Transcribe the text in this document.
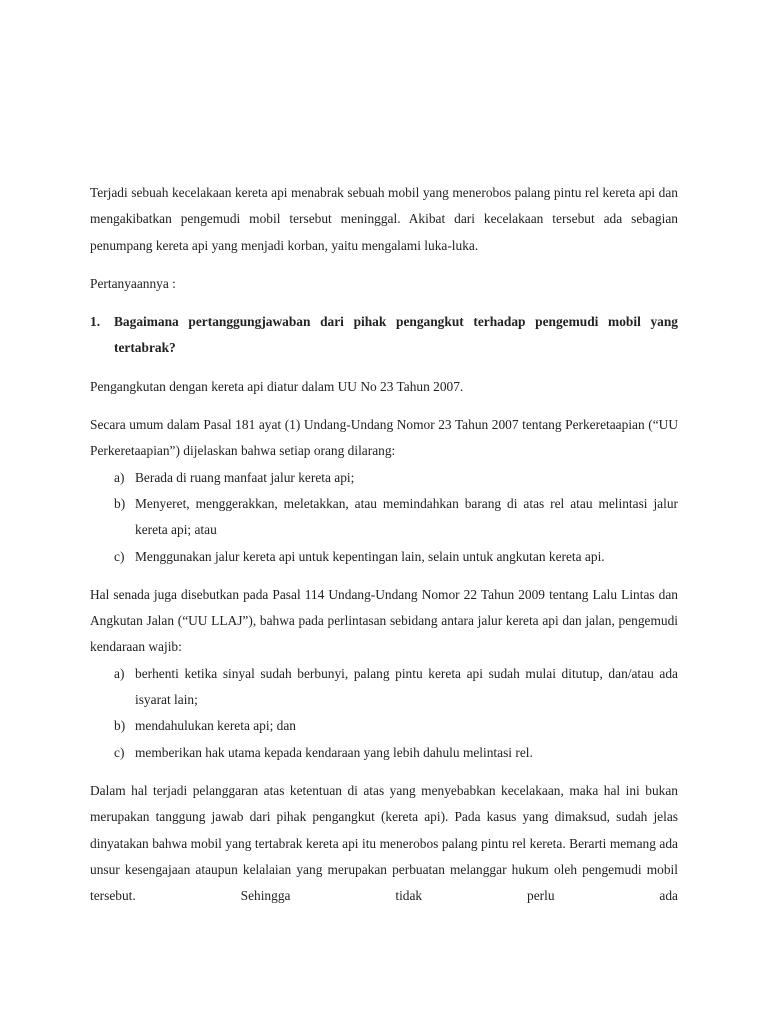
Terjadi sebuah kecelakaan kereta api menabrak sebuah mobil yang menerobos palang pintu rel kereta api dan mengakibatkan pengemudi mobil tersebut meninggal. Akibat dari kecelakaan tersebut ada sebagian penumpang kereta api yang menjadi korban, yaitu mengalami luka-luka.

Pertanyaannya :

1.	Bagaimana pertanggungjawaban dari pihak pengangkut terhadap pengemudi mobil yang tertabrak?

Pengangkutan dengan kereta api diatur dalam UU No 23 Tahun 2007.

Secara umum dalam Pasal 181 ayat (1) Undang-Undang Nomor 23 Tahun 2007 tentang Perkeretaapian (“UU Perkeretaapian”) dijelaskan bahwa setiap orang dilarang:

a) Berada di ruang manfaat jalur kereta api;
b) Menyeret, menggerakkan, meletakkan, atau memindahkan barang di atas rel atau melintasi jalur kereta api; atau
c) Menggunakan jalur kereta api untuk kepentingan lain, selain untuk angkutan kereta api.

Hal senada juga disebutkan pada Pasal 114 Undang-Undang Nomor 22 Tahun 2009 tentang Lalu Lintas dan Angkutan Jalan (“UU LLAJ”), bahwa pada perlintasan sebidang antara jalur kereta api dan jalan, pengemudi kendaraan wajib:

a) berhenti ketika sinyal sudah berbunyi, palang pintu kereta api sudah mulai ditutup, dan/atau ada isyarat lain;
b) mendahulukan kereta api; dan
c) memberikan hak utama kepada kendaraan yang lebih dahulu melintasi rel.

Dalam hal terjadi pelanggaran atas ketentuan di atas yang menyebabkan kecelakaan, maka hal ini bukan merupakan tanggung jawab dari pihak pengangkut (kereta api). Pada kasus yang dimaksud, sudah jelas dinyatakan bahwa mobil yang tertabrak kereta api itu menerobos palang pintu rel kereta. Berarti memang ada unsur kesengajaan ataupun kelalaian yang merupakan perbuatan melanggar hukum oleh pengemudi mobil tersebut. Sehingga tidak perlu ada
